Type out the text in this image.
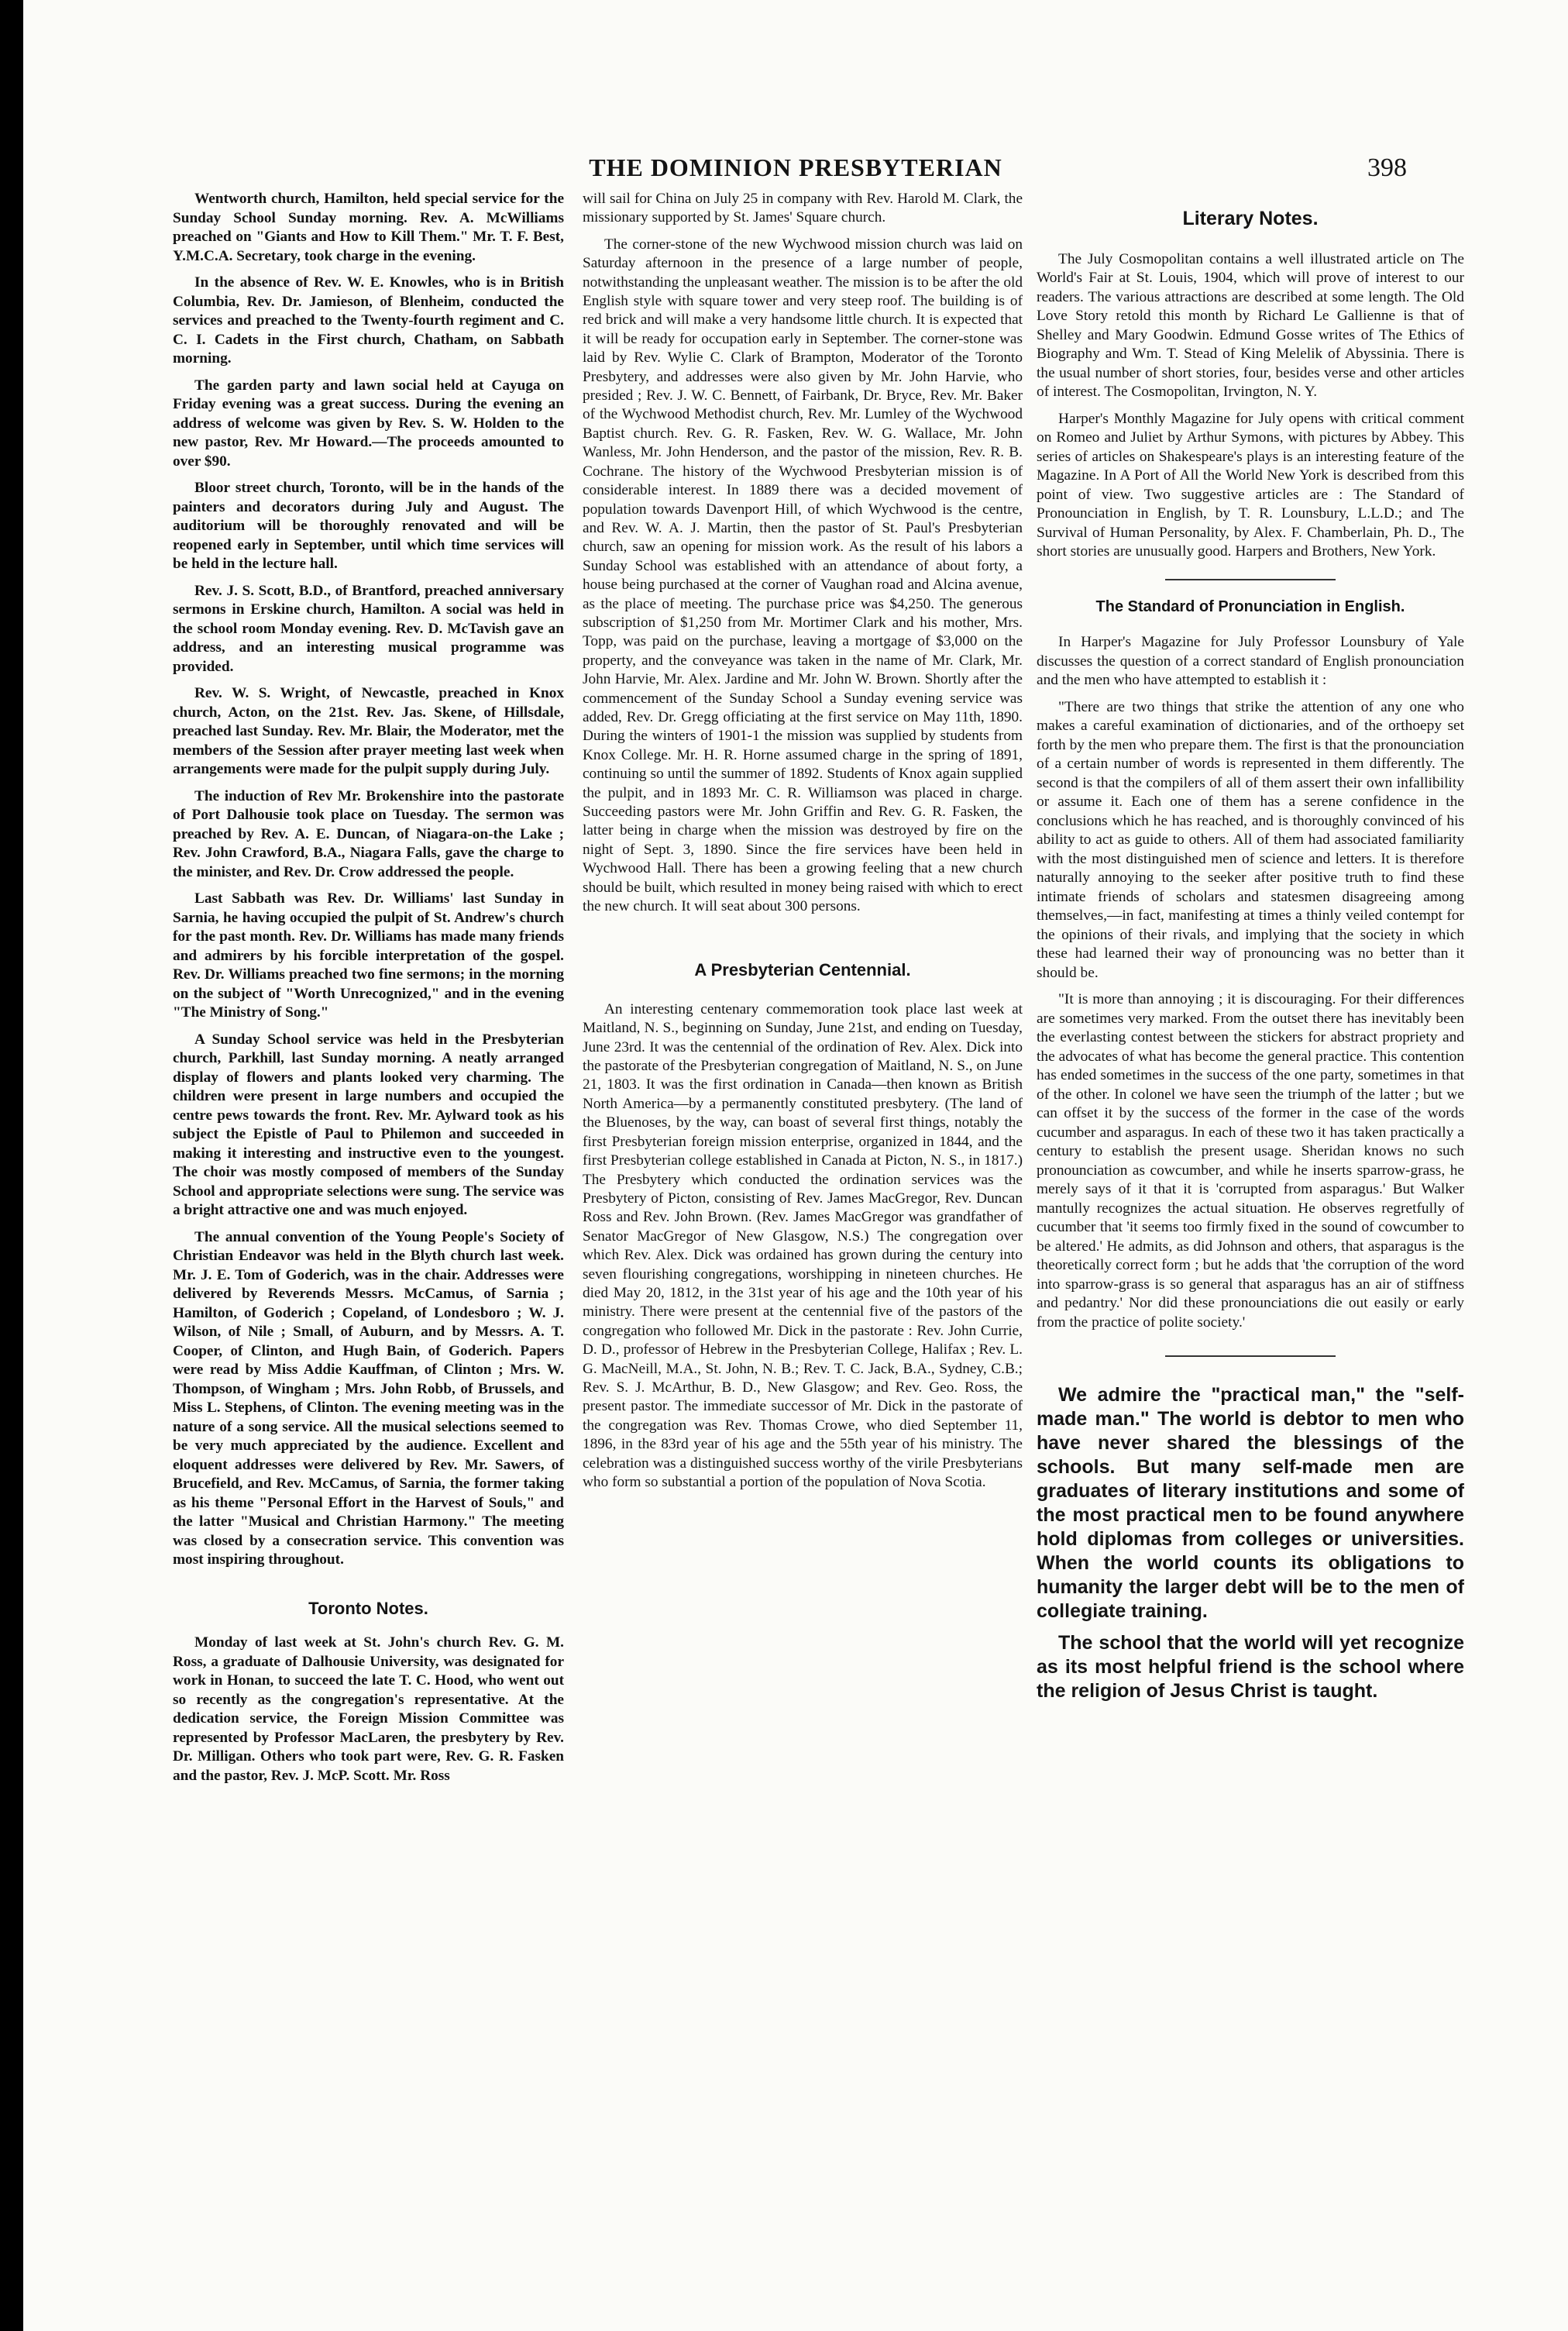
THE DOMINION PRESBYTERIAN	398

Wentworth church, Hamilton, held special service for the Sunday School Sunday morning. Rev. A. McWilliams preached on "Giants and How to Kill Them." Mr. T. F. Best, Y.M.C.A. Secretary, took charge in the evening.

In the absence of Rev. W. E. Knowles, who is in British Columbia, Rev. Dr. Jamieson, of Blenheim, conducted the services and preached to the Twenty-fourth regiment and C. C. I. Cadets in the First church, Chatham, on Sabbath morning.

The garden party and lawn social held at Cayuga on Friday evening was a great success. During the evening an address of welcome was given by Rev. S. W. Holden to the new pastor, Rev. Mr Howard.—The proceeds amounted to over $90.

Bloor street church, Toronto, will be in the hands of the painters and decorators during July and August. The auditorium will be thoroughly renovated and will be reopened early in September, until which time services will be held in the lecture hall.

Rev. J. S. Scott, B.D., of Brantford, preached anniversary sermons in Erskine church, Hamilton. A social was held in the school room Monday evening. Rev. D. McTavish gave an address, and an interesting musical programme was provided.

Rev. W. S. Wright, of Newcastle, preached in Knox church, Acton, on the 21st. Rev. Jas. Skene, of Hillsdale, preached last Sunday. Rev. Mr. Blair, the Moderator, met the members of the Session after prayer meeting last week when arrangements were made for the pulpit supply during July.

The induction of Rev Mr. Brokenshire into the pastorate of Port Dalhousie took place on Tuesday. The sermon was preached by Rev. A. E. Duncan, of Niagara-on-the Lake ; Rev. John Crawford, B.A., Niagara Falls, gave the charge to the minister, and Rev. Dr. Crow addressed the people.

Last Sabbath was Rev. Dr. Williams' last Sunday in Sarnia, he having occupied the pulpit of St. Andrew's church for the past month. Rev. Dr. Williams has made many friends and admirers by his forcible interpretation of the gospel. Rev. Dr. Williams preached two fine sermons; in the morning on the subject of "Worth Unrecognized," and in the evening "The Ministry of Song."

A Sunday School service was held in the Presbyterian church, Parkhill, last Sunday morning. A neatly arranged display of flowers and plants looked very charming. The children were present in large numbers and occupied the centre pews towards the front. Rev. Mr. Aylward took as his subject the Epistle of Paul to Philemon and succeeded in making it interesting and instructive even to the youngest. The choir was mostly composed of members of the Sunday School and appropriate selections were sung. The service was a bright attractive one and was much enjoyed.

The annual convention of the Young People's Society of Christian Endeavor was held in the Blyth church last week. Mr. J. E. Tom of Goderich, was in the chair. Addresses were delivered by Reverends Messrs. McCamus, of Sarnia ; Hamilton, of Goderich ; Copeland, of Londesboro ; W. J. Wilson, of Nile ; Small, of Auburn, and by Messrs. A. T. Cooper, of Clinton, and Hugh Bain, of Goderich. Papers were read by Miss Addie Kauffman, of Clinton ; Mrs. W. Thompson, of Wingham ; Mrs. John Robb, of Brussels, and Miss L. Stephens, of Clinton. The evening meeting was in the nature of a song service. All the musical selections seemed to be very much appreciated by the audience. Excellent and eloquent addresses were delivered by Rev. Mr. Sawers, of Brucefield, and Rev. McCamus, of Sarnia, the former taking as his theme "Personal Effort in the Harvest of Souls," and the latter "Musical and Christian Harmony." The meeting was closed by a consecration service. This convention was most inspiring throughout.

Toronto Notes.

Monday of last week at St. John's church Rev. G. M. Ross, a graduate of Dalhousie University, was designated for work in Honan, to succeed the late T. C. Hood, who went out so recently as the congregation's representative. At the dedication service, the Foreign Mission Committee was represented by Professor MacLaren, the presbytery by Rev. Dr. Milligan. Others who took part were, Rev. G. R. Fasken and the pastor, Rev. J. McP. Scott. Mr. Ross

will sail for China on July 25 in company with Rev. Harold M. Clark, the missionary supported by St. James' Square church.

The corner-stone of the new Wychwood mission church was laid on Saturday afternoon in the presence of a large number of people, notwithstanding the unpleasant weather. The mission is to be after the old English style with square tower and very steep roof. The building is of red brick and will make a very handsome little church. It is expected that it will be ready for occupation early in September. The corner-stone was laid by Rev. Wylie C. Clark of Brampton, Moderator of the Toronto Presbytery, and addresses were also given by Mr. John Harvie, who presided ; Rev. J. W. C. Bennett, of Fairbank, Dr. Bryce, Rev. Mr. Baker of the Wychwood Methodist church, Rev. Mr. Lumley of the Wychwood Baptist church. Rev. G. R. Fasken, Rev. W. G. Wallace, Mr. John Wanless, Mr. John Henderson, and the pastor of the mission, Rev. R. B. Cochrane. The history of the Wychwood Presbyterian mission is of considerable interest. In 1889 there was a decided movement of population towards Davenport Hill, of which Wychwood is the centre, and Rev. W. A. J. Martin, then the pastor of St. Paul's Presbyterian church, saw an opening for mission work. As the result of his labors a Sunday School was established with an attendance of about forty, a house being purchased at the corner of Vaughan road and Alcina avenue, as the place of meeting. The purchase price was $4,250. The generous subscription of $1,250 from Mr. Mortimer Clark and his mother, Mrs. Topp, was paid on the purchase, leaving a mortgage of $3,000 on the property, and the conveyance was taken in the name of Mr. Clark, Mr. John Harvie, Mr. Alex. Jardine and Mr. John W. Brown. Shortly after the commencement of the Sunday School a Sunday evening service was added, Rev. Dr. Gregg officiating at the first service on May 11th, 1890. During the winters of 1901-1 the mission was supplied by students from Knox College. Mr. H. R. Horne assumed charge in the spring of 1891, continuing so until the summer of 1892. Students of Knox again supplied the pulpit, and in 1893 Mr. C. R. Williamson was placed in charge. Succeeding pastors were Mr. John Griffin and Rev. G. R. Fasken, the latter being in charge when the mission was destroyed by fire on the night of Sept. 3, 1890. Since the fire services have been held in Wychwood Hall. There has been a growing feeling that a new church should be built, which resulted in money being raised with which to erect the new church. It will seat about 300 persons.

A Presbyterian Centennial.

An interesting centenary commemoration took place last week at Maitland, N. S., beginning on Sunday, June 21st, and ending on Tuesday, June 23rd. It was the centennial of the ordination of Rev. Alex. Dick into the pastorate of the Presbyterian congregation of Maitland, N. S., on June 21, 1803. It was the first ordination in Canada—then known as British North America—by a permanently constituted presbytery. (The land of the Bluenoses, by the way, can boast of several first things, notably the first Presbyterian foreign mission enterprise, organized in 1844, and the first Presbyterian college established in Canada at Picton, N. S., in 1817.) The Presbytery which conducted the ordination services was the Presbytery of Picton, consisting of Rev. James MacGregor, Rev. Duncan Ross and Rev. John Brown. (Rev. James MacGregor was grandfather of Senator MacGregor of New Glasgow, N.S.) The congregation over which Rev. Alex. Dick was ordained has grown during the century into seven flourishing congregations, worshipping in nineteen churches. He died May 20, 1812, in the 31st year of his age and the 10th year of his ministry. There were present at the centennial five of the pastors of the congregation who followed Mr. Dick in the pastorate : Rev. John Currie, D. D., professor of Hebrew in the Presbyterian College, Halifax ; Rev. L. G. MacNeill, M.A., St. John, N. B.; Rev. T. C. Jack, B.A., Sydney, C.B.; Rev. S. J. McArthur, B. D., New Glasgow; and Rev. Geo. Ross, the present pastor. The immediate successor of Mr. Dick in the pastorate of the congregation was Rev. Thomas Crowe, who died September 11, 1896, in the 83rd year of his age and the 55th year of his ministry. The celebration was a distinguished success worthy of the virile Presbyterians who form so substantial a portion of the population of Nova Scotia.

Literary Notes.

The July Cosmopolitan contains a well illustrated article on The World's Fair at St. Louis, 1904, which will prove of interest to our readers. The various attractions are described at some length. The Old Love Story retold this month by Richard Le Gallienne is that of Shelley and Mary Goodwin. Edmund Gosse writes of The Ethics of Biography and Wm. T. Stead of King Melelik of Abyssinia. There is the usual number of short stories, four, besides verse and other articles of interest. The Cosmopolitan, Irvington, N. Y.

Harper's Monthly Magazine for July opens with critical comment on Romeo and Juliet by Arthur Symons, with pictures by Abbey. This series of articles on Shakespeare's plays is an interesting feature of the Magazine. In A Port of All the World New York is described from this point of view. Two suggestive articles are : The Standard of Pronounciation in English, by T. R. Lounsbury, L.L.D.; and The Survival of Human Personality, by Alex. F. Chamberlain, Ph. D., The short stories are unusually good. Harpers and Brothers, New York.

The Standard of Pronunciation in English.

In Harper's Magazine for July Professor Lounsbury of Yale discusses the question of a correct standard of English pronounciation and the men who have attempted to establish it :

"There are two things that strike the attention of any one who makes a careful examination of dictionaries, and of the orthoepy set forth by the men who prepare them. The first is that the pronounciation of a certain number of words is represented in them differently. The second is that the compilers of all of them assert their own infallibility or assume it. Each one of them has a serene confidence in the conclusions which he has reached, and is thoroughly convinced of his ability to act as guide to others. All of them had associated familiarity with the most distinguished men of science and letters. It is therefore naturally annoying to the seeker after positive truth to find these intimate friends of scholars and statesmen disagreeing among themselves,—in fact, manifesting at times a thinly veiled contempt for the opinions of their rivals, and implying that the society in which these had learned their way of pronouncing was no better than it should be.

"It is more than annoying ; it is discouraging. For their differences are sometimes very marked. From the outset there has inevitably been the everlasting contest between the stickers for abstract propriety and the advocates of what has become the general practice. This contention has ended sometimes in the success of the one party, sometimes in that of the other. In colonel we have seen the triumph of the latter ; but we can offset it by the success of the former in the case of the words cucumber and asparagus. In each of these two it has taken practically a century to establish the present usage. Sheridan knows no such pronounciation as cowcumber, and while he inserts sparrow-grass, he merely says of it that it is 'corrupted from asparagus.' But Walker mantully recognizes the actual situation. He observes regretfully of cucumber that 'it seems too firmly fixed in the sound of cowcumber to be altered.' He admits, as did Johnson and others, that asparagus is the theoretically correct form ; but he adds that 'the corruption of the word into sparrow-grass is so general that asparagus has an air of stiffness and pedantry.' Nor did these pronounciations die out easily or early from the practice of polite society.'

We admire the "practical man," the "self-made man." The world is debtor to men who have never shared the blessings of the schools. But many self-made men are graduates of literary institutions and some of the most practical men to be found anywhere hold diplomas from colleges or universities. When the world counts its obligations to humanity the larger debt will be to the men of collegiate training.

The school that the world will yet recognize as its most helpful friend is the school where the religion of Jesus Christ is taught.
